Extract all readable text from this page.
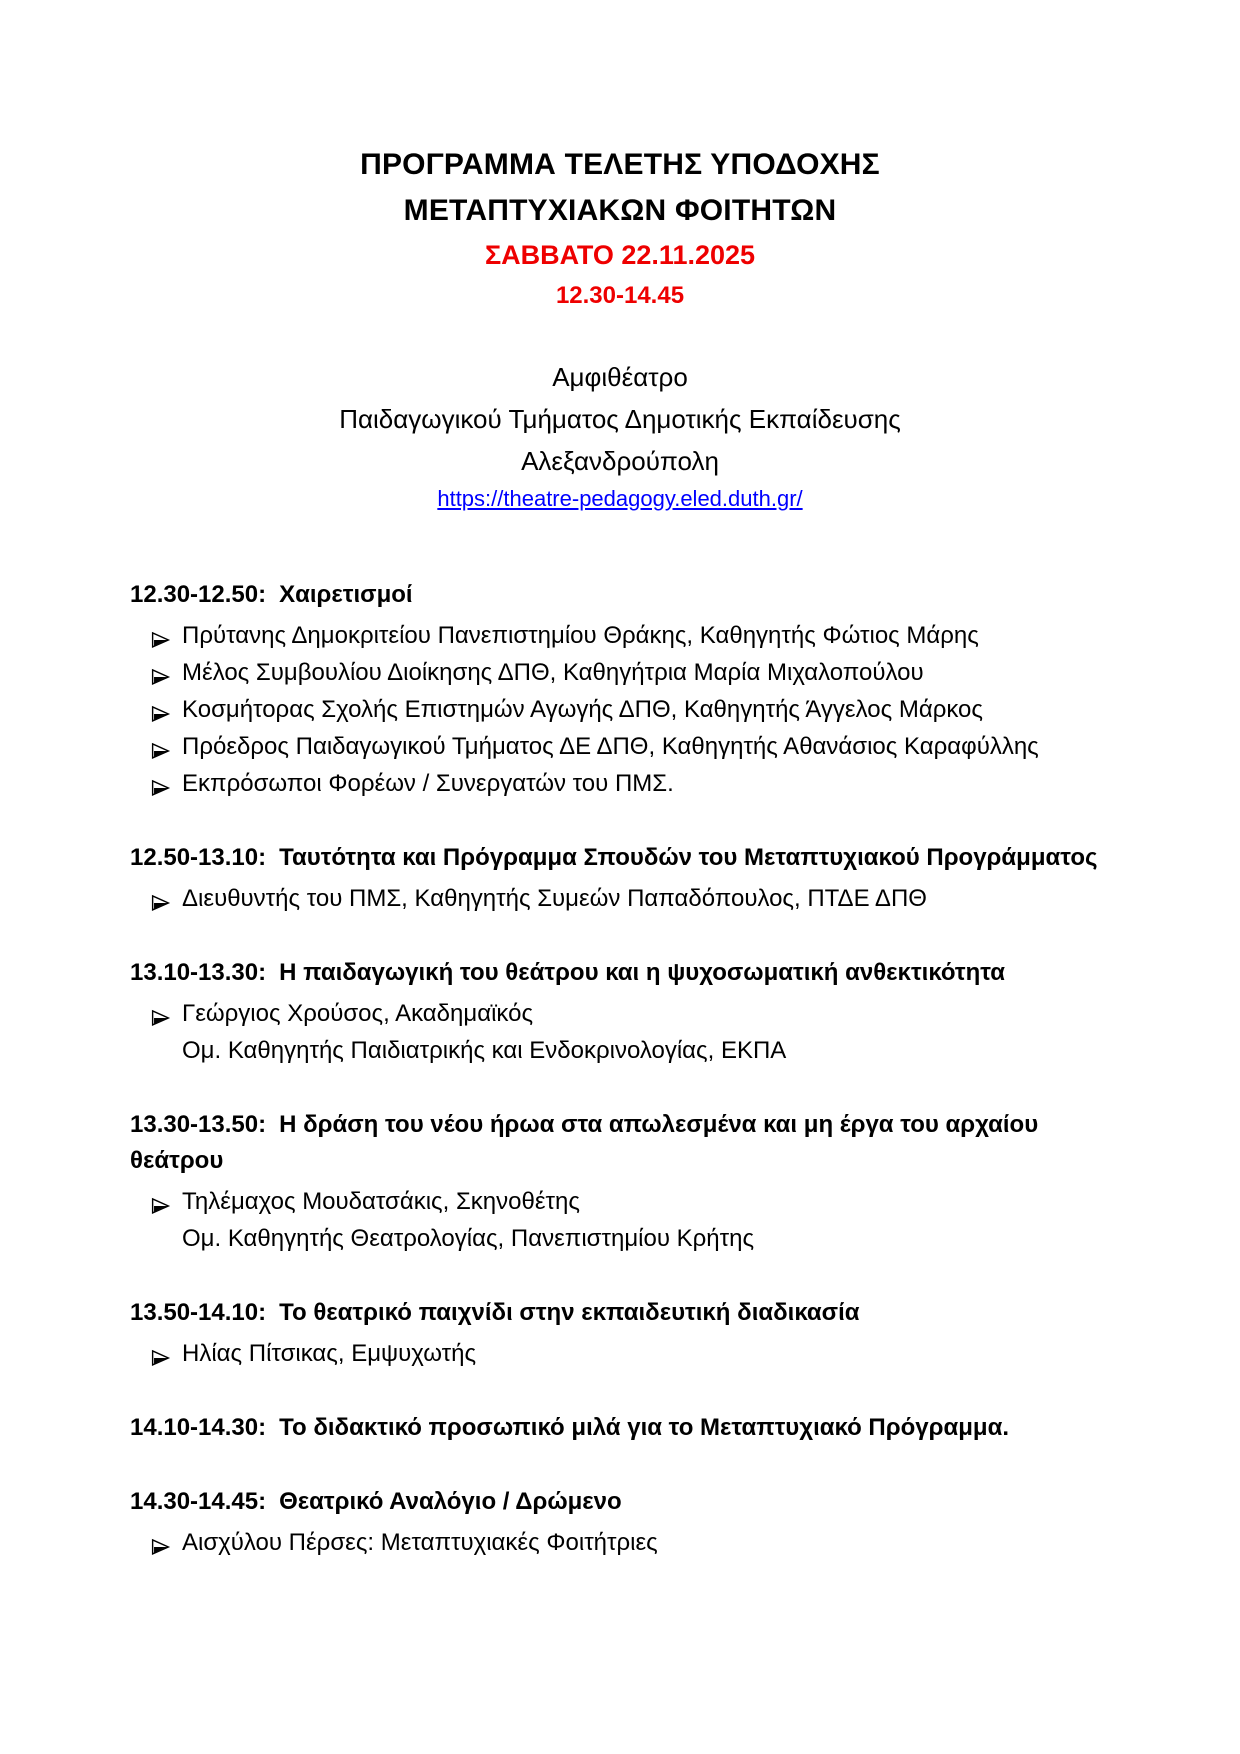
ΠΡΟΓΡΑΜΜΑ ΤΕΛΕΤΗΣ ΥΠΟΔΟΧΗΣ
ΜΕΤΑΠΤΥΧΙΑΚΩΝ ΦΟΙΤΗΤΩΝ
ΣΑΒΒΑΤΟ 22.11.2025
12.30-14.45
Αμφιθέατρο
Παιδαγωγικού Τμήματος Δημοτικής Εκπαίδευσης
Αλεξανδρούπολη
https://theatre-pedagogy.eled.duth.gr/
12.30-12.50: Χαιρετισμοί
Πρύτανης Δημοκριτείου Πανεπιστημίου Θράκης, Καθηγητής Φώτιος Μάρης
Μέλος Συμβουλίου Διοίκησης ΔΠΘ, Καθηγήτρια Μαρία Μιχαλοπούλου
Κοσμήτορας Σχολής Επιστημών Αγωγής ΔΠΘ, Καθηγητής Άγγελος Μάρκος
Πρόεδρος Παιδαγωγικού Τμήματος ΔΕ ΔΠΘ, Καθηγητής Αθανάσιος Καραφύλλης
Εκπρόσωποι Φορέων / Συνεργατών του ΠΜΣ.
12.50-13.10: Ταυτότητα και Πρόγραμμα Σπουδών του Μεταπτυχιακού Προγράμματος
Διευθυντής του ΠΜΣ, Καθηγητής Συμεών Παπαδόπουλος, ΠΤΔΕ ΔΠΘ
13.10-13.30: Η παιδαγωγική του θεάτρου και η ψυχοσωματική ανθεκτικότητα
Γεώργιος Χρούσος, Ακαδημαϊκός
Ομ. Καθηγητής Παιδιατρικής και Ενδοκρινολογίας, ΕΚΠΑ
13.30-13.50: Η δράση του νέου ήρωα στα απωλεσμένα και μη έργα του αρχαίου θεάτρου
Τηλέμαχος Μουδατσάκις, Σκηνοθέτης
Ομ. Καθηγητής Θεατρολογίας, Πανεπιστημίου Κρήτης
13.50-14.10: Το θεατρικό παιχνίδι στην εκπαιδευτική διαδικασία
Ηλίας Πίτσικας, Εμψυχωτής
14.10-14.30: Το διδακτικό προσωπικό μιλά για το Μεταπτυχιακό Πρόγραμμα.
14.30-14.45: Θεατρικό Αναλόγιο / Δρώμενο
Αισχύλου Πέρσες: Μεταπτυχιακές Φοιτήτριες
